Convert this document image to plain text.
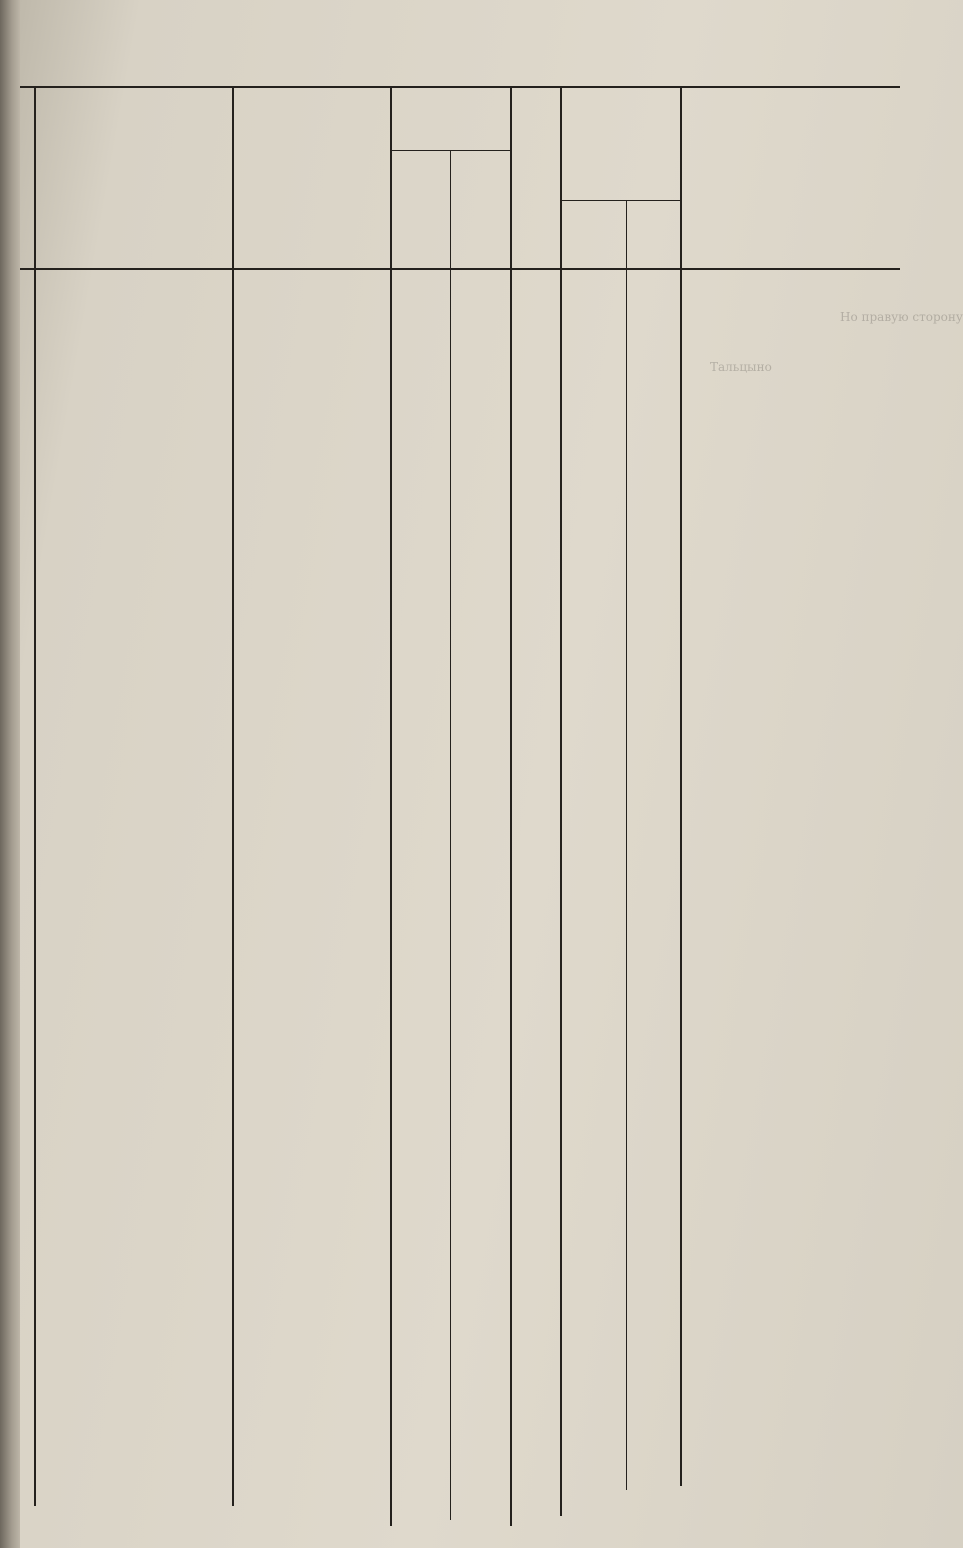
Но правую сторону
Тальцыно
